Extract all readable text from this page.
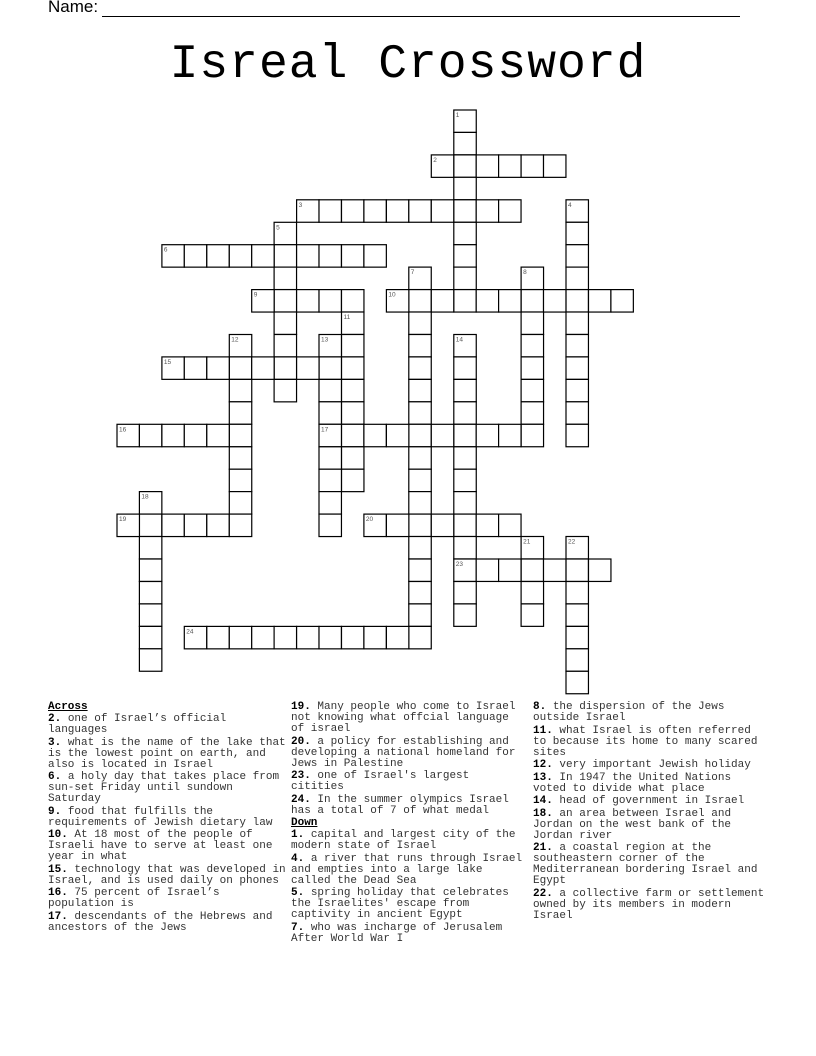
Name:
Isreal Crossword
1
2
3	4
5
6
7	8
9	10
11
12	13	14
15
16	17
18
19	20
21	22
23
24
Across
2. one of Israel’s official languages
3. what is the name of the lake that is the lowest point on earth, and also is located in Israel
6. a holy day that takes place from sun-set Friday until sundown Saturday
9. food that fulfills the requirements of Jewish dietary law
10. At 18 most of the people of Israeli have to serve at least one year in what
15. technology that was developed in Israel, and is used daily on phones
16. 75 percent of Israel’s population is
17. descendants of the Hebrews and ancestors of the Jews
19. Many people who come to Israel not knowing what offcial language of israel
20. a policy for establishing and developing a national homeland for Jews in Palestine
23. one of Israel's largest citities
24. In the summer olympics Israel has a total of 7 of what medal
Down
1. capital and largest city of the modern state of Israel
4. a river that runs through Israel and empties into a large lake called the Dead Sea
5. spring holiday that celebrates the Israelites' escape from captivity in ancient Egypt
7. who was incharge of Jerusalem After World War I
8. the dispersion of the Jews outside Israel
11. what Israel is often referred to because its home to many scared sites
12. very important Jewish holiday
13. In 1947 the United Nations voted to divide what place
14. head of government in Israel
18. an area between Israel and Jordan on the west bank of the Jordan river
21. a coastal region at the southeastern corner of the Mediterranean bordering Israel and Egypt
22. a collective farm or settlement owned by its members in modern Israel
